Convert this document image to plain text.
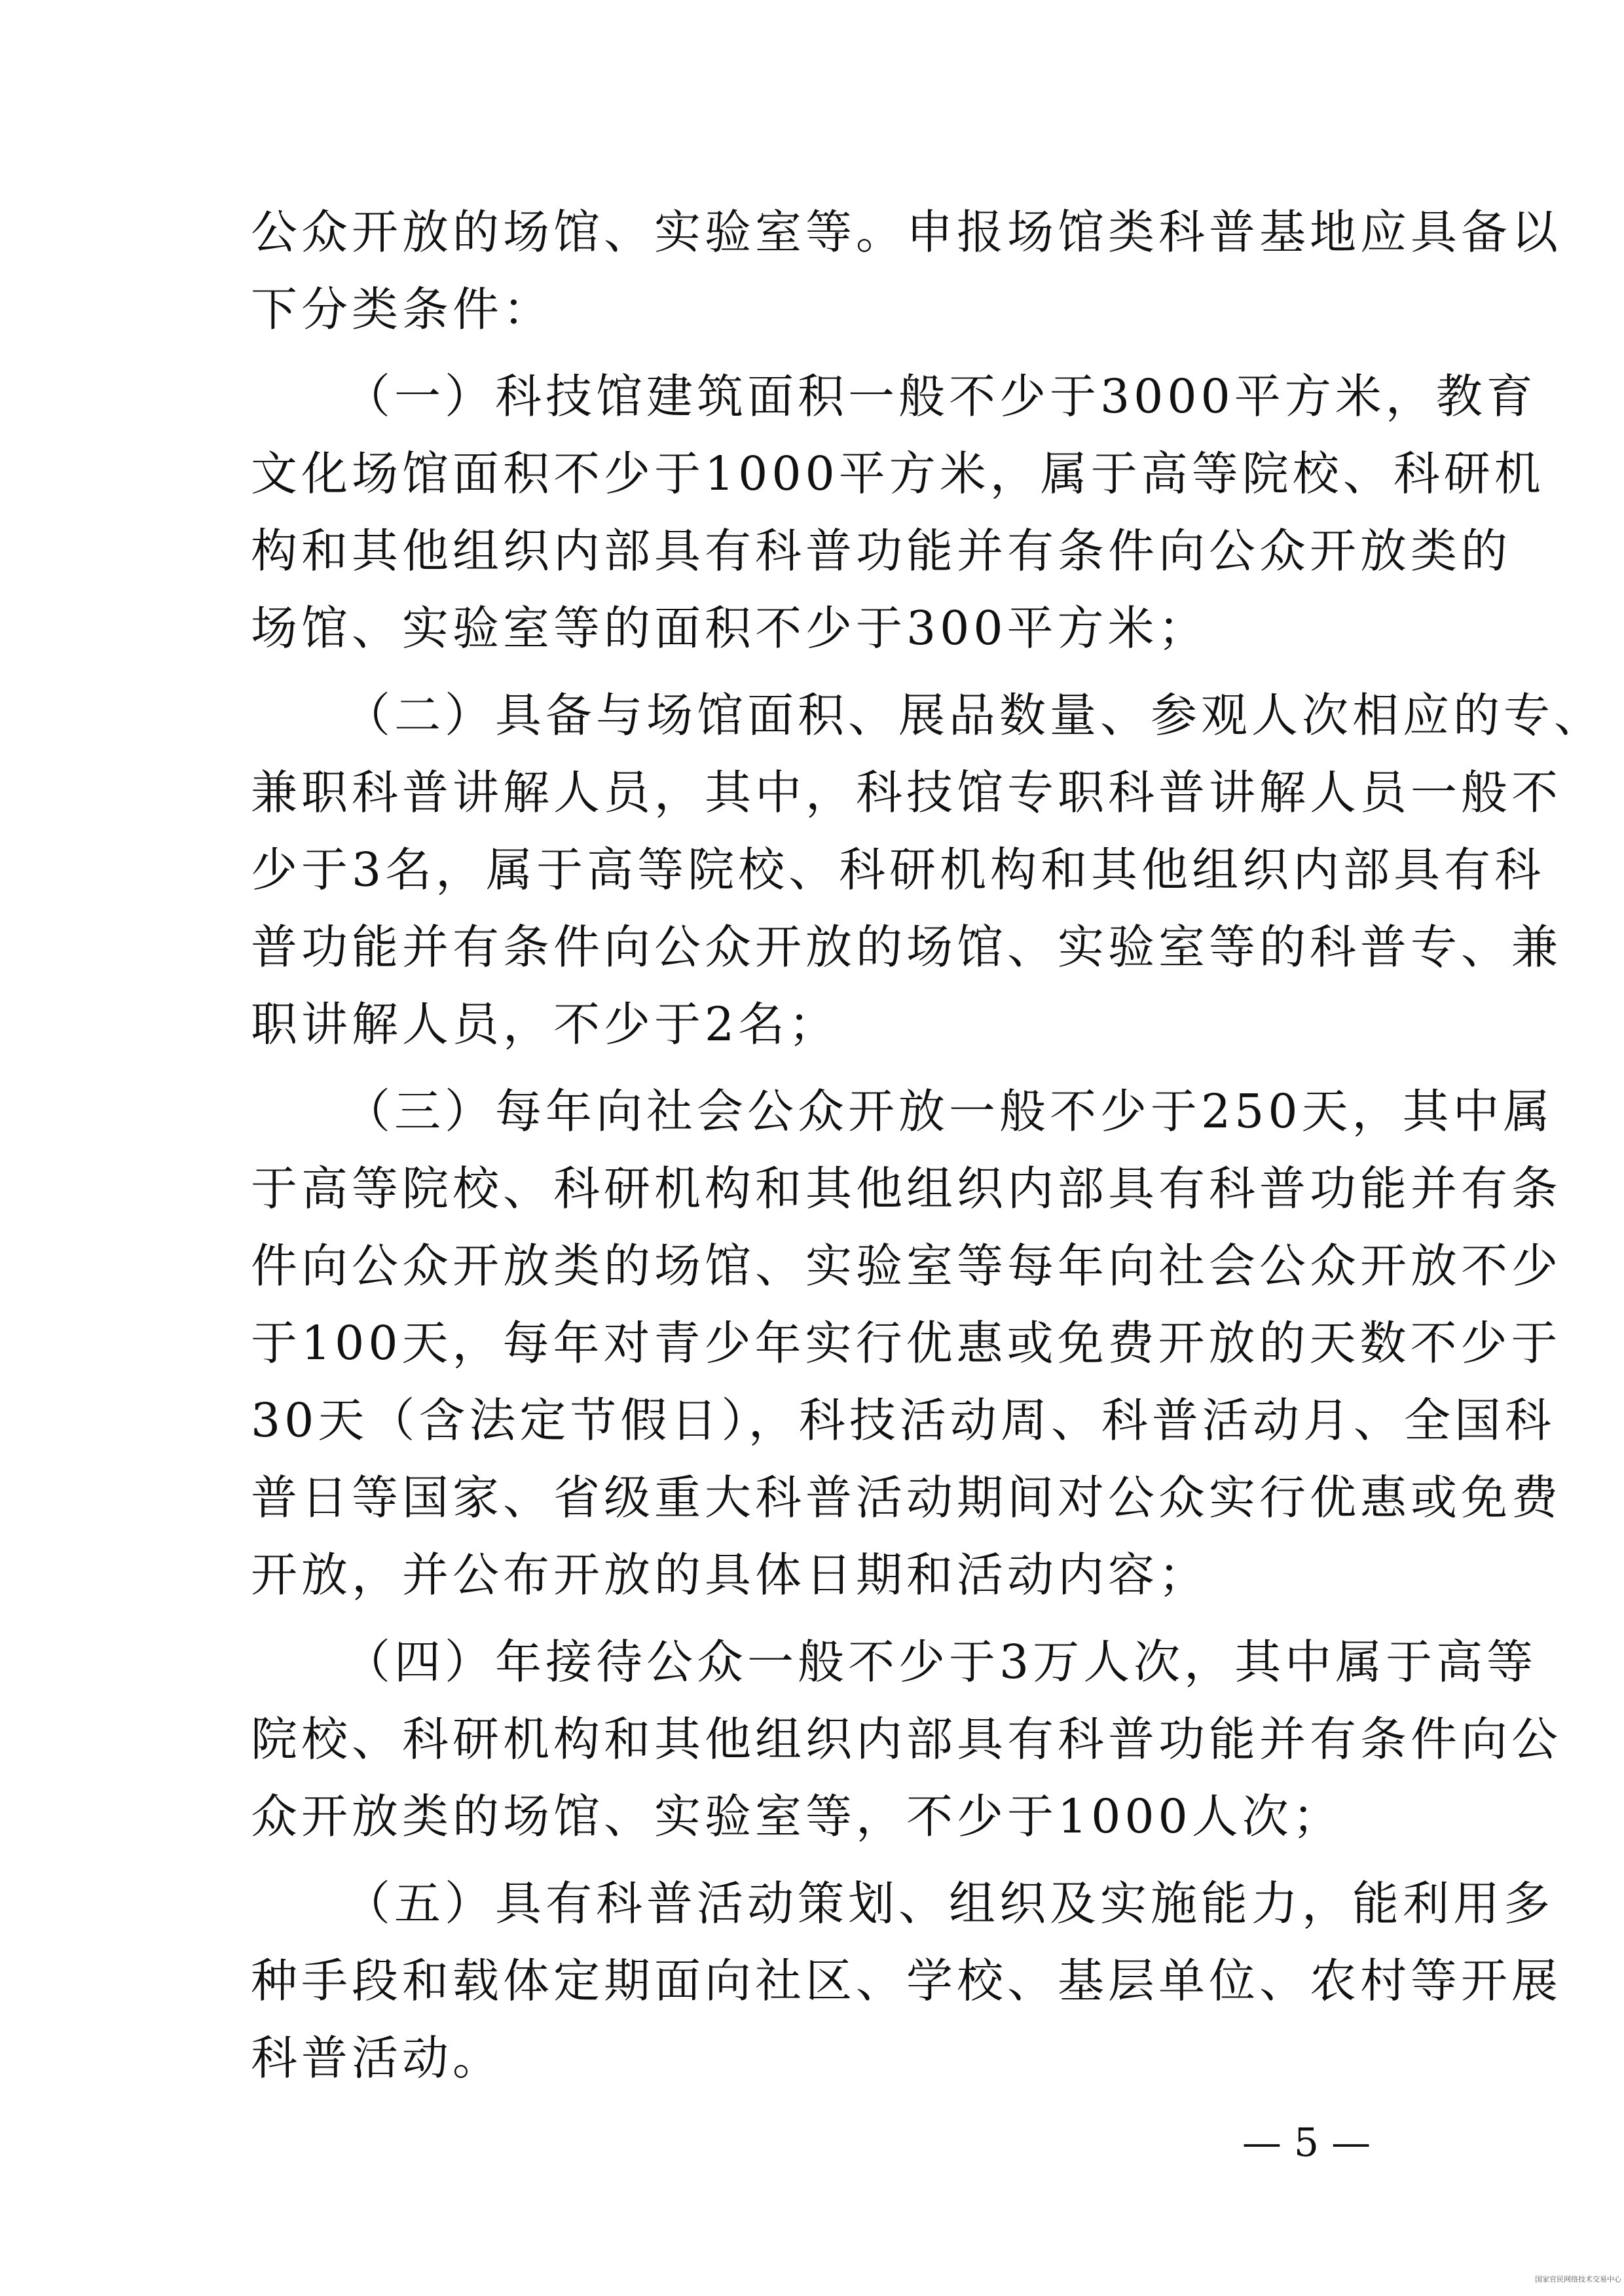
公众开放的场馆、实验室等。申报场馆类科普基地应具备以
下分类条件：
（一）科技馆建筑面积一般不少于3000平方米，教育
文化场馆面积不少于1000平方米，属于高等院校、科研机
构和其他组织内部具有科普功能并有条件向公众开放类的
场馆、实验室等的面积不少于300平方米；
（二）具备与场馆面积、展品数量、参观人次相应的专、
兼职科普讲解人员，其中，科技馆专职科普讲解人员一般不
少于3名，属于高等院校、科研机构和其他组织内部具有科
普功能并有条件向公众开放的场馆、实验室等的科普专、兼
职讲解人员，不少于2名；
（三）每年向社会公众开放一般不少于250天，其中属
于高等院校、科研机构和其他组织内部具有科普功能并有条
件向公众开放类的场馆、实验室等每年向社会公众开放不少
于100天，每年对青少年实行优惠或免费开放的天数不少于
30天（含法定节假日），科技活动周、科普活动月、全国科
普日等国家、省级重大科普活动期间对公众实行优惠或免费
开放，并公布开放的具体日期和活动内容；
（四）年接待公众一般不少于3万人次，其中属于高等
院校、科研机构和其他组织内部具有科普功能并有条件向公
众开放类的场馆、实验室等，不少于1000人次；
（五）具有科普活动策划、组织及实施能力，能利用多
种手段和载体定期面向社区、学校、基层单位、农村等开展
科普活动。
— 5 —
国家官民网络技术交易中心
